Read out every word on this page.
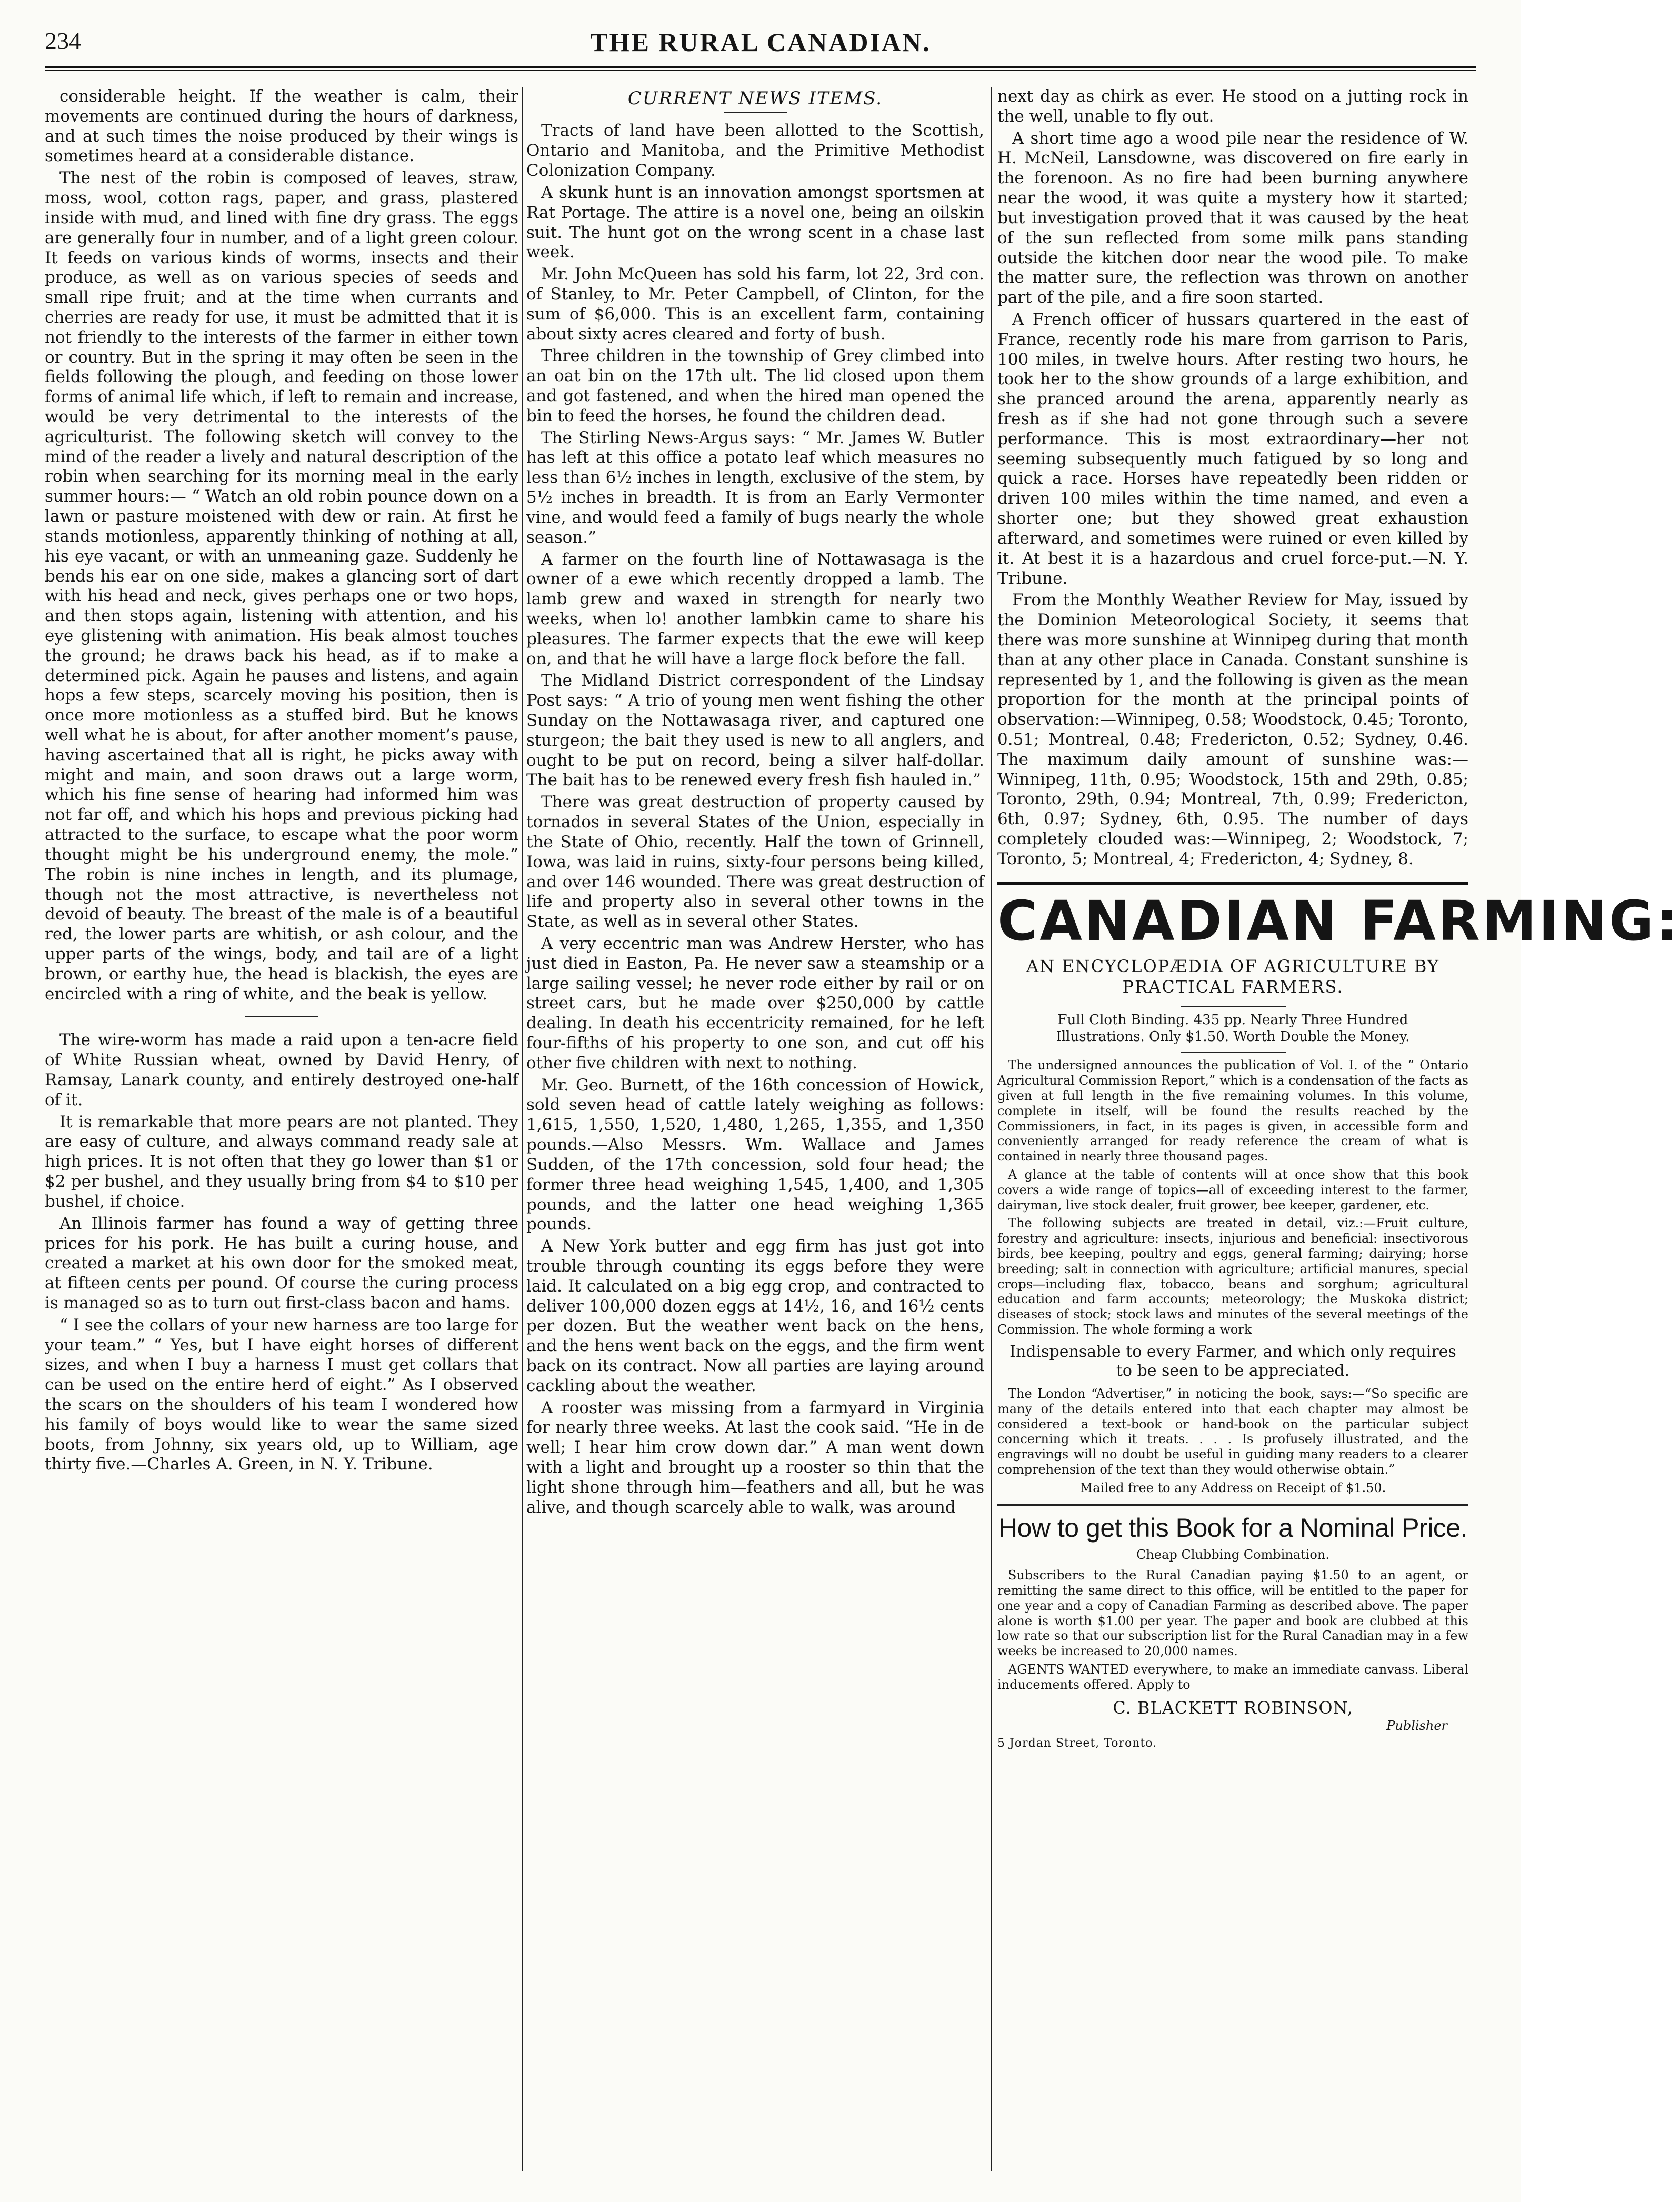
234	THE RURAL CANADIAN.

considerable height. If the weather is calm, their movements are continued during the hours of darkness, and at such times the noise produced by their wings is sometimes heard at a considerable distance.

The nest of the robin is composed of leaves, straw, moss, wool, cotton rags, paper, and grass, plastered inside with mud, and lined with fine dry grass. The eggs are generally four in number, and of a light green colour. It feeds on various kinds of worms, insects and their produce, as well as on various species of seeds and small ripe fruit; and at the time when currants and cherries are ready for use, it must be admitted that it is not friendly to the interests of the farmer in either town or country. But in the spring it may often be seen in the fields following the plough, and feeding on those lower forms of animal life which, if left to remain and increase, would be very detrimental to the interests of the agriculturist. The following sketch will convey to the mind of the reader a lively and natural description of the robin when searching for its morning meal in the early summer hours:— “ Watch an old robin pounce down on a lawn or pasture moistened with dew or rain. At first he stands motionless, apparently thinking of nothing at all, his eye vacant, or with an unmeaning gaze. Suddenly he bends his ear on one side, makes a glancing sort of dart with his head and neck, gives perhaps one or two hops, and then stops again, listening with attention, and his eye glistening with animation. His beak almost touches the ground; he draws back his head, as if to make a determined pick. Again he pauses and listens, and again hops a few steps, scarcely moving his position, then is once more motionless as a stuffed bird. But he knows well what he is about, for after another moment’s pause, having ascertained that all is right, he picks away with might and main, and soon draws out a large worm, which his fine sense of hearing had informed him was not far off, and which his hops and previous picking had attracted to the surface, to escape what the poor worm thought might be his underground enemy, the mole.” The robin is nine inches in length, and its plumage, though not the most attractive, is nevertheless not devoid of beauty. The breast of the male is of a beautiful red, the lower parts are whitish, or ash colour, and the upper parts of the wings, body, and tail are of a light brown, or earthy hue, the head is blackish, the eyes are encircled with a ring of white, and the beak is yellow.

The wire-worm has made a raid upon a ten-acre field of White Russian wheat, owned by David Henry, of Ramsay, Lanark county, and entirely destroyed one-half of it.

It is remarkable that more pears are not planted. They are easy of culture, and always command ready sale at high prices. It is not often that they go lower than $1 or $2 per bushel, and they usually bring from $4 to $10 per bushel, if choice.

An Illinois farmer has found a way of getting three prices for his pork. He has built a curing house, and created a market at his own door for the smoked meat, at fifteen cents per pound. Of course the curing process is managed so as to turn out first-class bacon and hams.

“ I see the collars of your new harness are too large for your team.” “ Yes, but I have eight horses of different sizes, and when I buy a harness I must get collars that can be used on the entire herd of eight.” As I observed the scars on the shoulders of his team I wondered how his family of boys would like to wear the same sized boots, from Johnny, six years old, up to William, age thirty five.—Charles A. Green, in N. Y. Tribune.

CURRENT NEWS ITEMS.

Tracts of land have been allotted to the Scottish, Ontario and Manitoba, and the Primitive Methodist Colonization Company.

A skunk hunt is an innovation amongst sportsmen at Rat Portage. The attire is a novel one, being an oilskin suit. The hunt got on the wrong scent in a chase last week.

Mr. John McQueen has sold his farm, lot 22, 3rd con. of Stanley, to Mr. Peter Campbell, of Clinton, for the sum of $6,000. This is an excellent farm, containing about sixty acres cleared and forty of bush.

Three children in the township of Grey climbed into an oat bin on the 17th ult. The lid closed upon them and got fastened, and when the hired man opened the bin to feed the horses, he found the children dead.

The Stirling News-Argus says: “ Mr. James W. Butler has left at this office a potato leaf which measures no less than 6½ inches in length, exclusive of the stem, by 5½ inches in breadth. It is from an Early Vermonter vine, and would feed a family of bugs nearly the whole season.”

A farmer on the fourth line of Nottawasaga is the owner of a ewe which recently dropped a lamb. The lamb grew and waxed in strength for nearly two weeks, when lo! another lambkin came to share his pleasures. The farmer expects that the ewe will keep on, and that he will have a large flock before the fall.

The Midland District correspondent of the Lindsay Post says: “ A trio of young men went fishing the other Sunday on the Nottawasaga river, and captured one sturgeon; the bait they used is new to all anglers, and ought to be put on record, being a silver half-dollar. The bait has to be renewed every fresh fish hauled in.”

There was great destruction of property caused by tornados in several States of the Union, especially in the State of Ohio, recently. Half the town of Grinnell, Iowa, was laid in ruins, sixty-four persons being killed, and over 146 wounded. There was great destruction of life and property also in several other towns in the State, as well as in several other States.

A very eccentric man was Andrew Herster, who has just died in Easton, Pa. He never saw a steamship or a large sailing vessel; he never rode either by rail or on street cars, but he made over $250,000 by cattle dealing. In death his eccentricity remained, for he left four-fifths of his property to one son, and cut off his other five children with next to nothing.

Mr. Geo. Burnett, of the 16th concession of Howick, sold seven head of cattle lately weighing as follows: 1,615, 1,550, 1,520, 1,480, 1,265, 1,355, and 1,350 pounds.—Also Messrs. Wm. Wallace and James Sudden, of the 17th concession, sold four head; the former three head weighing 1,545, 1,400, and 1,305 pounds, and the latter one head weighing 1,365 pounds.

A New York butter and egg firm has just got into trouble through counting its eggs before they were laid. It calculated on a big egg crop, and contracted to deliver 100,000 dozen eggs at 14½, 16, and 16½ cents per dozen. But the weather went back on the hens, and the hens went back on the eggs, and the firm went back on its contract. Now all parties are laying around cackling about the weather.

A rooster was missing from a farmyard in Virginia for nearly three weeks. At last the cook said. “He in de well; I hear him crow down dar.” A man went down with a light and brought up a rooster so thin that the light shone through him—feathers and all, but he was alive, and though scarcely able to walk, was around

next day as chirk as ever. He stood on a jutting rock in the well, unable to fly out.

A short time ago a wood pile near the residence of W. H. McNeil, Lansdowne, was discovered on fire early in the forenoon. As no fire had been burning anywhere near the wood, it was quite a mystery how it started; but investigation proved that it was caused by the heat of the sun reflected from some milk pans standing outside the kitchen door near the wood pile. To make the matter sure, the reflection was thrown on another part of the pile, and a fire soon started.

A French officer of hussars quartered in the east of France, recently rode his mare from garrison to Paris, 100 miles, in twelve hours. After resting two hours, he took her to the show grounds of a large exhibition, and she pranced around the arena, apparently nearly as fresh as if she had not gone through such a severe performance. This is most extraordinary—her not seeming subsequently much fatigued by so long and quick a race. Horses have repeatedly been ridden or driven 100 miles within the time named, and even a shorter one; but they showed great exhaustion afterward, and sometimes were ruined or even killed by it. At best it is a hazardous and cruel force-put.—N. Y. Tribune.

From the Monthly Weather Review for May, issued by the Dominion Meteorological Society, it seems that there was more sunshine at Winnipeg during that month than at any other place in Canada. Constant sunshine is represented by 1, and the following is given as the mean proportion for the month at the principal points of observation:—Winnipeg, 0.58; Woodstock, 0.45; Toronto, 0.51; Montreal, 0.48; Fredericton, 0.52; Sydney, 0.46. The maximum daily amount of sunshine was:—Winnipeg, 11th, 0.95; Woodstock, 15th and 29th, 0.85; Toronto, 29th, 0.94; Montreal, 7th, 0.99; Fredericton, 6th, 0.97; Sydney, 6th, 0.95. The number of days completely clouded was:—Winnipeg, 2; Woodstock, 7; Toronto, 5; Montreal, 4; Fredericton, 4; Sydney, 8.

CANADIAN FARMING:

AN ENCYCLOPÆDIA OF AGRICULTURE BY PRACTICAL FARMERS.

Full Cloth Binding. 435 pp. Nearly Three Hundred Illustrations. Only $1.50. Worth Double the Money.

The undersigned announces the publication of Vol. I. of the “ Ontario Agricultural Commission Report,” which is a condensation of the facts as given at full length in the five remaining volumes. In this volume, complete in itself, will be found the results reached by the Commissioners, in fact, in its pages is given, in accessible form and conveniently arranged for ready reference the cream of what is contained in nearly three thousand pages.

A glance at the table of contents will at once show that this book covers a wide range of topics—all of exceeding interest to the farmer, dairyman, live stock dealer, fruit grower, bee keeper, gardener, etc.

The following subjects are treated in detail, viz.:—Fruit culture, forestry and agriculture: insects, injurious and beneficial: insectivorous birds, bee keeping, poultry and eggs, general farming; dairying; horse breeding; salt in connection with agriculture; artificial manures, special crops—including flax, tobacco, beans and sorghum; agricultural education and farm accounts; meteorology; the Muskoka district; diseases of stock; stock laws and minutes of the several meetings of the Commission. The whole forming a work

Indispensable to every Farmer, and which only requires to be seen to be appreciated.

The London “Advertiser,” in noticing the book, says:—“So specific are many of the details entered into that each chapter may almost be considered a text-book or hand-book on the particular subject concerning which it treats. . . . Is profusely illustrated, and the engravings will no doubt be useful in guiding many readers to a clearer comprehension of the text than they would otherwise obtain.”

Mailed free to any Address on Receipt of $1.50.

How to get this Book for a Nominal Price.

Cheap Clubbing Combination.

Subscribers to the Rural Canadian paying $1.50 to an agent, or remitting the same direct to this office, will be entitled to the paper for one year and a copy of Canadian Farming as described above. The paper alone is worth $1.00 per year. The paper and book are clubbed at this low rate so that our subscription list for the Rural Canadian may in a few weeks be increased to 20,000 names.

AGENTS WANTED everywhere, to make an immediate canvass. Liberal inducements offered. Apply to

C. BLACKETT ROBINSON,

Publisher

5 Jordan Street, Toronto.
